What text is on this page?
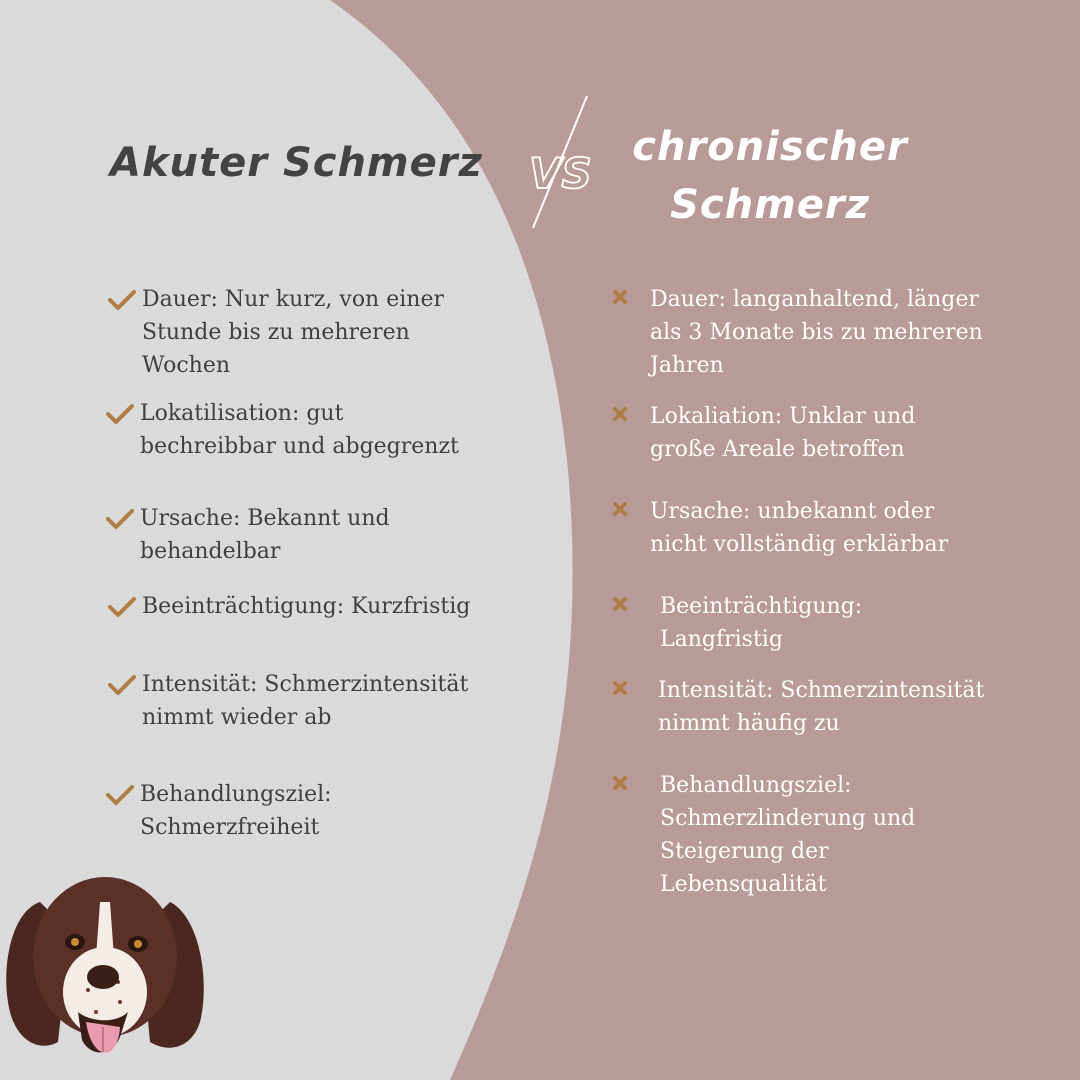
Akuter Schmerz	chronischer Schmerz
VS
Dauer: Nur kurz, von einer Stunde bis zu mehreren Wochen
Lokatilisation: gut bechreibbar und abgegrenzt
Ursache: Bekannt und behandelbar
Beeinträchtigung: Kurzfristig
Intensität: Schmerzintensität nimmt wieder ab
Behandlungsziel: Schmerzfreiheit
Dauer: langanhaltend, länger als 3 Monate bis zu mehreren Jahren
Lokaliation: Unklar und große Areale betroffen
Ursache: unbekannt oder nicht vollständig erklärbar
Beeinträchtigung: Langfristig
Intensität: Schmerzintensität nimmt häufig zu
Behandlungsziel: Schmerzlinderung und Steigerung der Lebensqualität
